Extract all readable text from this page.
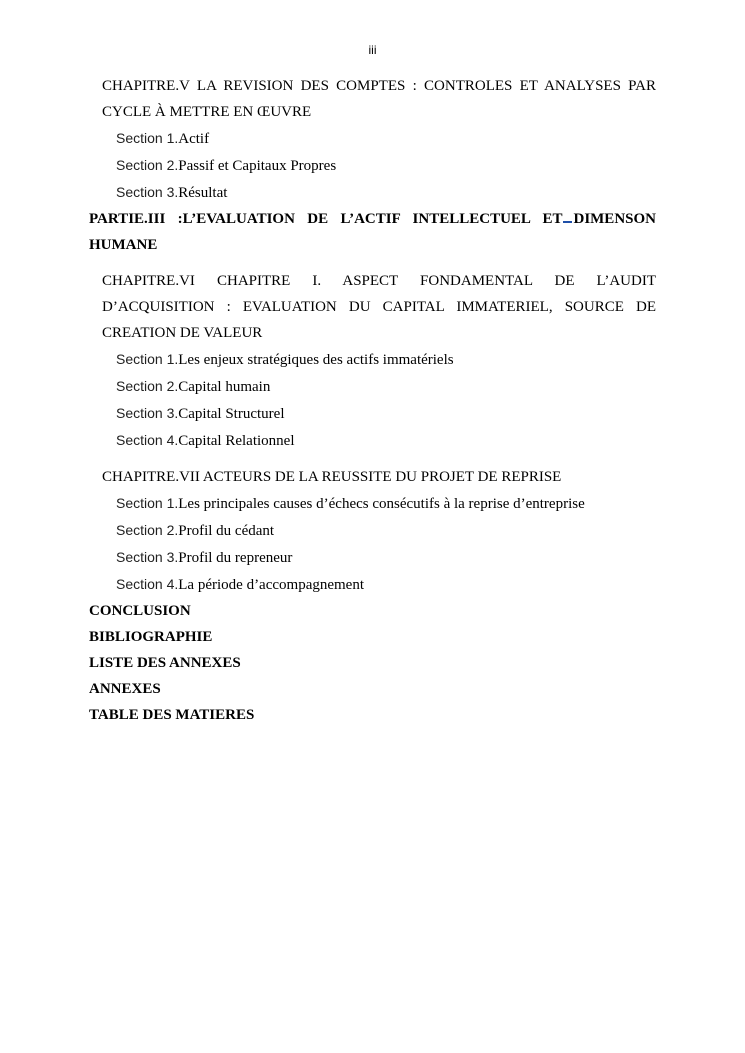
iii
CHAPITRE.V LA REVISION DES COMPTES : CONTROLES ET ANALYSES PAR
CYCLE À METTRE EN ŒUVRE
Section 1.Actif
Section 2.Passif et Capitaux Propres
Section 3.Résultat
PARTIE.III :L’EVALUATION DE L’ACTIF INTELLECTUEL ET DIMENSON
HUMANE
CHAPITRE.VI CHAPITRE I. ASPECT FONDAMENTAL DE L’AUDIT
D’ACQUISITION : EVALUATION DU CAPITAL IMMATERIEL, SOURCE DE
CREATION DE VALEUR
Section 1.Les enjeux stratégiques des actifs immatériels
Section 2.Capital humain
Section 3.Capital Structurel
Section 4.Capital Relationnel
CHAPITRE.VII ACTEURS DE LA REUSSITE DU PROJET DE REPRISE
Section 1.Les principales causes d’échecs consécutifs à la reprise d’entreprise
Section 2.Profil du cédant
Section 3.Profil du repreneur
Section 4.La période d’accompagnement
CONCLUSION
BIBLIOGRAPHIE
LISTE DES ANNEXES
ANNEXES
TABLE DES MATIERES
